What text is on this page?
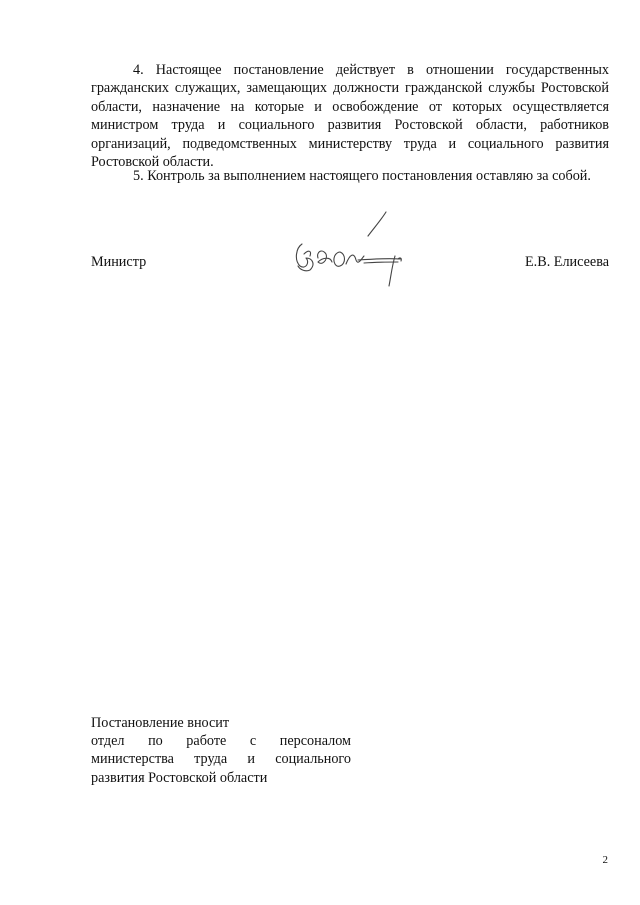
4. Настоящее постановление действует в отношении государственных гражданских служащих, замещающих должности гражданской службы Ростовской области, назначение на которые и освобождение от которых осуществляется министром труда и социального развития Ростовской области, работников организаций, подведомственных министерству труда и социального развития Ростовской области.

5. Контроль за выполнением настоящего постановления оставляю за собой.

Министр	Е.В. Елисеева
Постановление вносит
отдел по работе с персоналом
министерства труда и социального
развития Ростовской области
2
